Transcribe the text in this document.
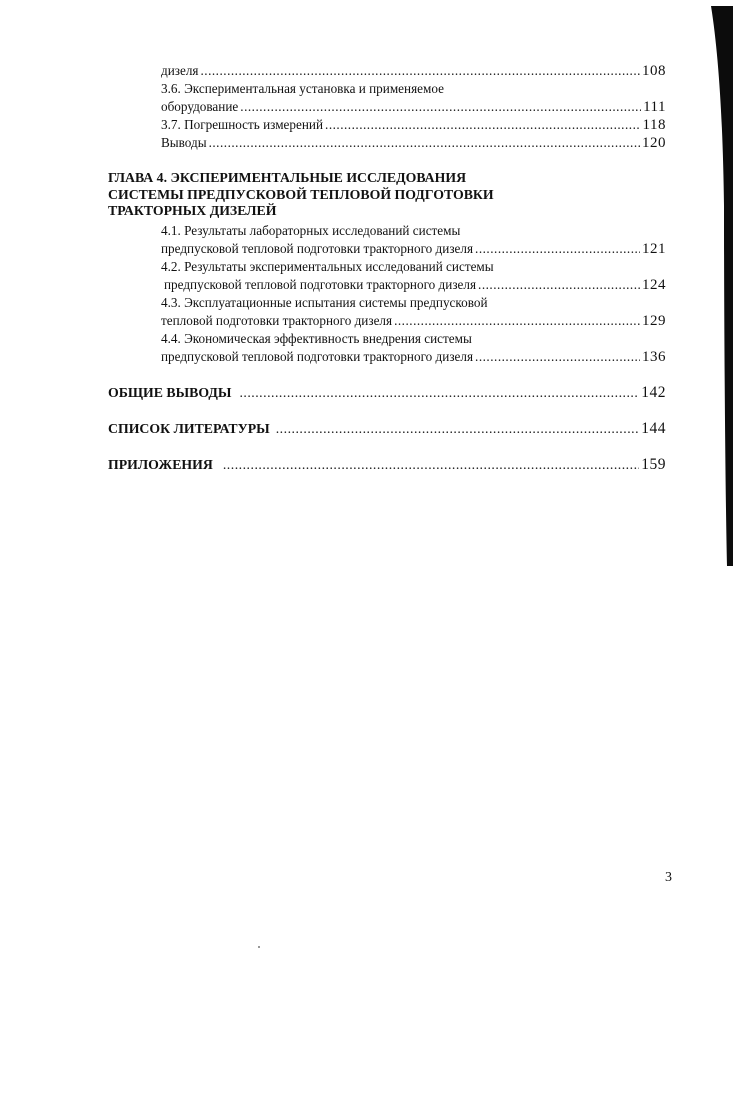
дизеля .....	108
3.6. Экспериментальная установка и применяемое
оборудование .....	111
3.7. Погрешность измерений .....	118
Выводы .....	120
ГЛАВА 4. ЭКСПЕРИМЕНТАЛЬНЫЕ ИССЛЕДОВАНИЯ
СИСТЕМЫ ПРЕДПУСКОВОЙ ТЕПЛОВОЙ ПОДГОТОВКИ
ТРАКТОРНЫХ ДИЗЕЛЕЙ
4.1. Результаты лабораторных исследований системы
предпусковой тепловой подготовки тракторного дизеля .....	121
4.2. Результаты экспериментальных исследований системы
предпусковой тепловой подготовки тракторного дизеля .....	124
4.3. Эксплуатационные испытания системы предпусковой
тепловой подготовки тракторного дизеля .....	129
4.4. Экономическая эффективность внедрения системы
предпусковой тепловой подготовки тракторного дизеля .....	136
ОБЩИЕ ВЫВОДЫ .....	142
СПИСОК ЛИТЕРАТУРЫ .....	144
ПРИЛОЖЕНИЯ .....	159
3
